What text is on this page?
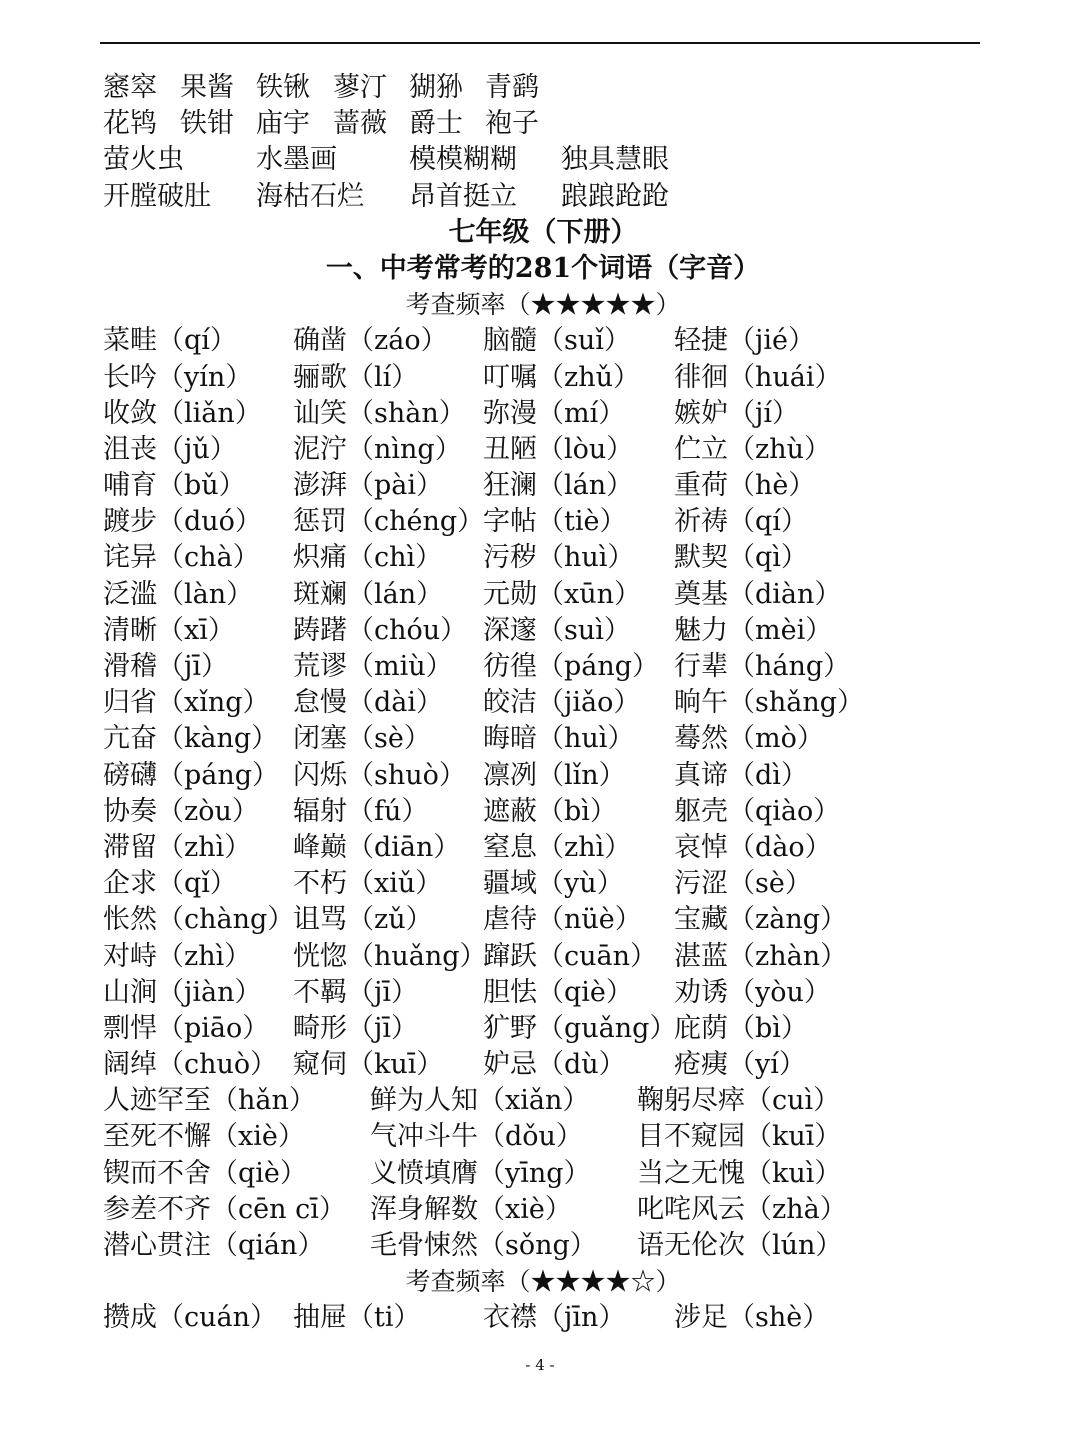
窸窣 果酱 铁锹 蓼汀 猢狲 青鹞
花鸨 铁钳 庙宇 蔷薇 爵士 袍子
萤火虫	水墨画	模模糊糊 独具慧眼
开膛破肚 海枯石烂 昂首挺立 踉踉跄跄
七年级（下册）
一、中考常考的281个词语（字音）
考查频率（★★★★★）
菜畦（qí） 确凿（záo） 脑髓（suǐ） 轻捷（jié）
长吟（yín） 骊歌（lí） 叮嘱（zhǔ） 徘徊（huái）
收敛（liǎn） 讪笑（shàn） 弥漫（mí） 嫉妒（jí）
沮丧（jǔ） 泥泞（nìng） 丑陋（lòu） 伫立（zhù）
哺育（bǔ） 澎湃（pài） 狂澜（lán） 重荷（hè）
踱步（duó） 惩罚（chéng）
字帖（tiè） 祈祷（qí）
诧异（chà） 炽痛（chì） 污秽（huì） 默契（qì）
泛滥（làn） 斑斓（lán） 元勋（xūn） 奠基（diàn）
清晰（xī） 踌躇（chóu） 深邃（suì） 魅力（mèi）
滑稽（jī） 荒谬（miù） 彷徨（páng） 行辈（háng）
归省（xǐng） 怠慢（dài） 皎洁（jiǎo） 晌午（shǎng）
亢奋（kàng） 闭塞（sè） 晦暗（huì） 蓦然（mò）
磅礴（páng） 闪烁（shuò） 凛冽（lǐn） 真谛（dì）
协奏（zòu） 辐射（fú） 遮蔽（bì） 躯壳（qiào）
滞留（zhì） 峰巅（diān） 窒息（zhì） 哀悼（dào）
企求（qǐ） 不朽（xiǔ） 疆域（yù） 污涩（sè）
怅然（chàng）
诅骂（zǔ） 虐待（nüè） 宝藏（zàng）
对峙（zhì） 恍惚（huǎng）
蹿跃（cuān） 湛蓝（zhàn）
山涧（jiàn） 不羁（jī） 胆怯（qiè） 劝诱（yòu）
剽悍（piāo） 畸形（jī） 犷野（guǎng）
庇荫（bì）
阔绰（chuò） 窥伺（kuī） 妒忌（dù） 疮痍（yí）
人迹罕至（hǎn） 鲜为人知（xiǎn） 鞠躬尽瘁（cuì）
至死不懈（xiè） 气冲斗牛（dǒu） 目不窥园（kuī）
锲而不舍（qiè） 义愤填膺（yīng） 当之无愧（kuì）
参差不齐（cēn cī） 浑身解数（xiè） 叱咤风云（zhà）
潜心贯注（qián） 毛骨悚然（sǒng） 语无伦次（lún）
考查频率（★★★★☆）
攒成（cuán） 抽屉（ti） 衣襟（jīn） 涉足（shè）
- 4 -
